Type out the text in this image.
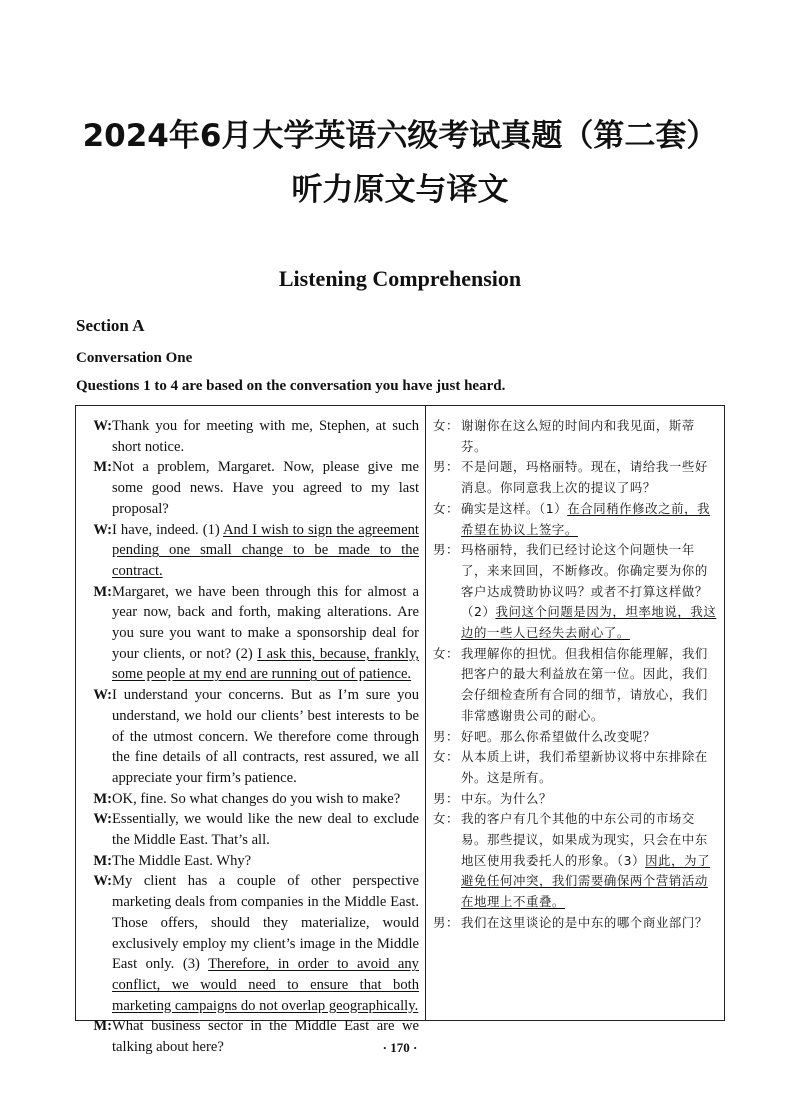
2024年6月大学英语六级考试真题（第二套）
听力原文与译文
Listening Comprehension
Section A
Conversation One
Questions 1 to 4 are based on the conversation you have just heard.
W: Thank you for meeting with me, Stephen, at such short notice.
M: Not a problem, Margaret. Now, please give me some good news. Have you agreed to my last proposal?
W: I have, indeed. (1) And I wish to sign the agreement pending one small change to be made to the contract.
M: Margaret, we have been through this for almost a year now, back and forth, making alterations. Are you sure you want to make a sponsorship deal for your clients, or not? (2) I ask this, because, frankly, some people at my end are running out of patience.
W: I understand your concerns. But as I’m sure you understand, we hold our clients’ best interests to be of the utmost concern. We therefore come through the fine details of all contracts, rest assured, we all appreciate your firm’s patience.
M: OK, fine. So what changes do you wish to make?
W: Essentially, we would like the new deal to exclude the Middle East. That’s all.
M: The Middle East. Why?
W: My client has a couple of other perspective marketing deals from companies in the Middle East. Those offers, should they materialize, would exclusively employ my client’s image in the Middle East only. (3) Therefore, in order to avoid any conflict, we would need to ensure that both marketing campaigns do not overlap geographically.
M: What business sector in the Middle East are we talking about here?
女： 谢谢你在这么短的时间内和我见面，斯蒂芬。
男： 不是问题，玛格丽特。现在，请给我一些好消息。你同意我上次的提议了吗？
女： 确实是这样。（1）在合同稍作修改之前，我希望在协议上签字。
男： 玛格丽特，我们已经讨论这个问题快一年了，来来回回，不断修改。你确定要为你的客户达成赞助协议吗？或者不打算这样做？（2）我问这个问题是因为，坦率地说，我这边的一些人已经失去耐心了。
女： 我理解你的担忧。但我相信你能理解，我们把客户的最大利益放在第一位。因此，我们会仔细检查所有合同的细节，请放心，我们非常感谢贵公司的耐心。
男： 好吧。那么你希望做什么改变呢？
女： 从本质上讲，我们希望新协议将中东排除在外。这是所有。
男： 中东。为什么？
女： 我的客户有几个其他的中东公司的市场交易。那些提议，如果成为现实，只会在中东地区使用我委托人的形象。（3）因此，为了避免任何冲突，我们需要确保两个营销活动在地理上不重叠。
男： 我们在这里谈论的是中东的哪个商业部门？
· 170 ·
